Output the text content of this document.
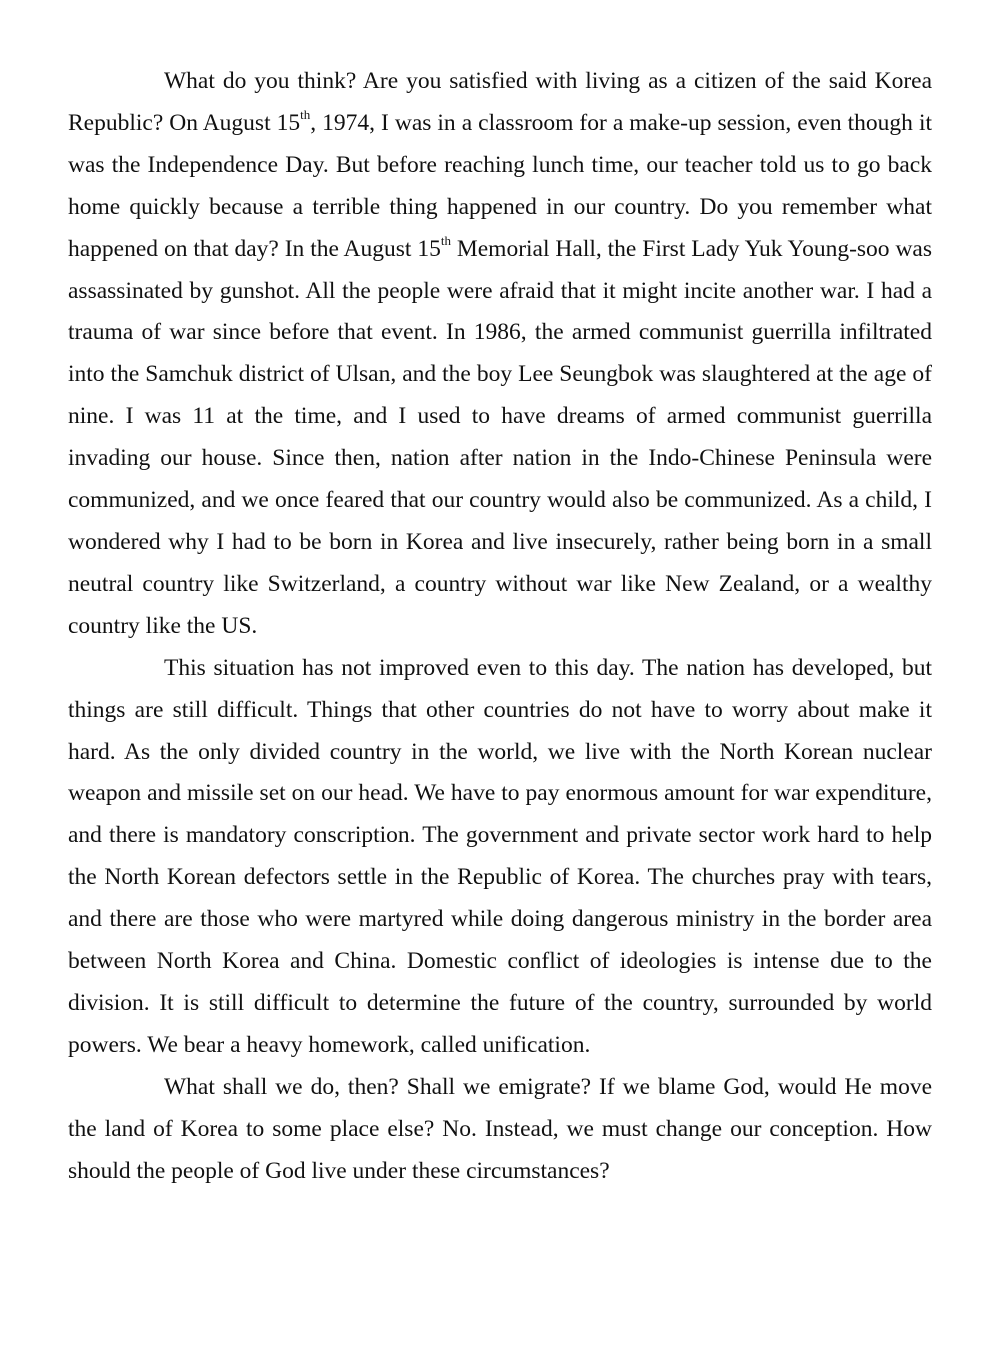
What do you think? Are you satisfied with living as a citizen of the said Korea Republic? On August 15th, 1974, I was in a classroom for a make-up session, even though it was the Independence Day. But before reaching lunch time, our teacher told us to go back home quickly because a terrible thing happened in our country. Do you remember what happened on that day? In the August 15th Memorial Hall, the First Lady Yuk Young-soo was assassinated by gunshot. All the people were afraid that it might incite another war. I had a trauma of war since before that event. In 1986, the armed communist guerrilla infiltrated into the Samchuk district of Ulsan, and the boy Lee Seungbok was slaughtered at the age of nine. I was 11 at the time, and I used to have dreams of armed communist guerrilla invading our house. Since then, nation after nation in the Indo-Chinese Peninsula were communized, and we once feared that our country would also be communized. As a child, I wondered why I had to be born in Korea and live insecurely, rather being born in a small neutral country like Switzerland, a country without war like New Zealand, or a wealthy country like the US.

This situation has not improved even to this day. The nation has developed, but things are still difficult. Things that other countries do not have to worry about make it hard. As the only divided country in the world, we live with the North Korean nuclear weapon and missile set on our head. We have to pay enormous amount for war expenditure, and there is mandatory conscription. The government and private sector work hard to help the North Korean defectors settle in the Republic of Korea. The churches pray with tears, and there are those who were martyred while doing dangerous ministry in the border area between North Korea and China. Domestic conflict of ideologies is intense due to the division. It is still difficult to determine the future of the country, surrounded by world powers. We bear a heavy homework, called unification.

What shall we do, then? Shall we emigrate? If we blame God, would He move the land of Korea to some place else? No. Instead, we must change our conception. How should the people of God live under these circumstances?
